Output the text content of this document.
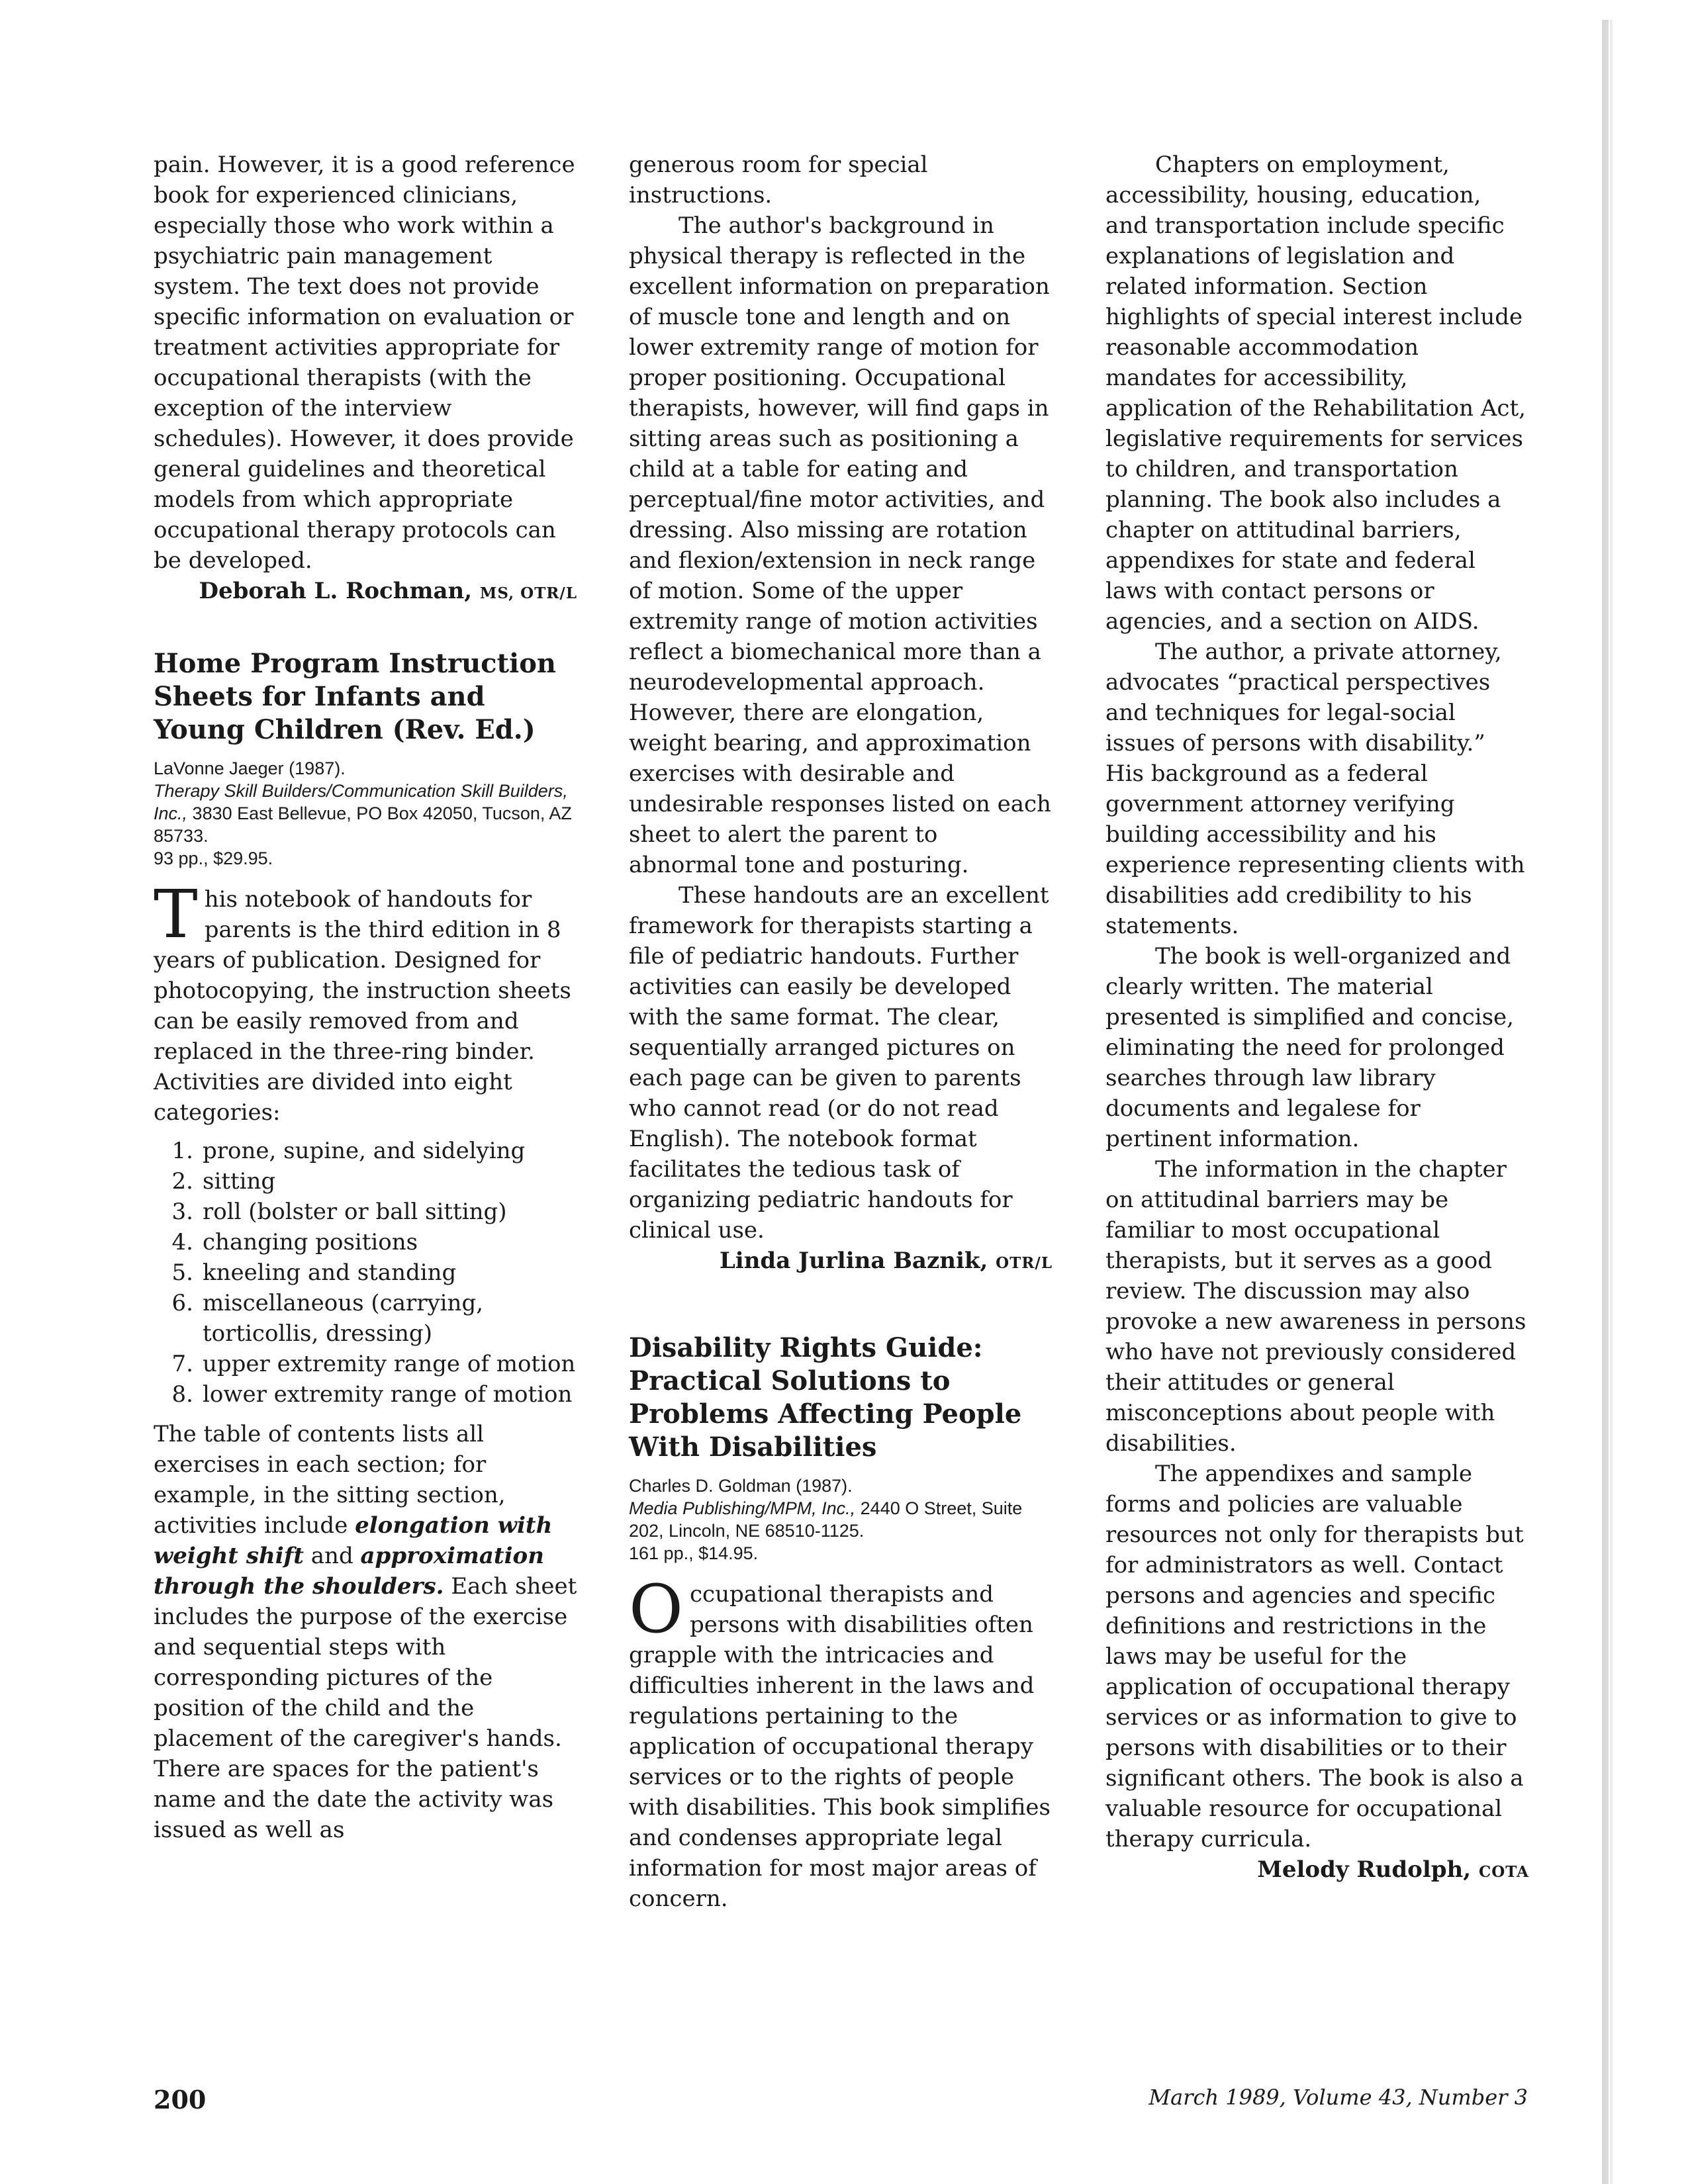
pain. However, it is a good reference book for experienced clinicians, especially those who work within a psychiatric pain management system. The text does not provide specific information on evaluation or treatment activities appropriate for occupational therapists (with the exception of the interview schedules). However, it does provide general guidelines and theoretical models from which appropriate occupational therapy protocols can be developed.

Deborah L. Rochman, MS, OTR/L

Home Program Instruction Sheets for Infants and Young Children (Rev. Ed.)
LaVonne Jaeger (1987).
Therapy Skill Builders/Communication Skill Builders, Inc., 3830 East Bellevue, PO Box 42050, Tucson, AZ 85733.
93 pp., $29.95.

This notebook of handouts for parents is the third edition in 8 years of publication. Designed for photocopying, the instruction sheets can be easily removed from and replaced in the three-ring binder. Activities are divided into eight categories:

1. prone, supine, and sidelying
2. sitting
3. roll (bolster or ball sitting)
4. changing positions
5. kneeling and standing
6. miscellaneous (carrying, torticollis, dressing)
7. upper extremity range of motion
8. lower extremity range of motion

The table of contents lists all exercises in each section; for example, in the sitting section, activities include elongation with weight shift and approximation through the shoulders. Each sheet includes the purpose of the exercise and sequential steps with corresponding pictures of the position of the child and the placement of the caregiver's hands. There are spaces for the patient's name and the date the activity was issued as well as

generous room for special instructions.

The author's background in physical therapy is reflected in the excellent information on preparation of muscle tone and length and on lower extremity range of motion for proper positioning. Occupational therapists, however, will find gaps in sitting areas such as positioning a child at a table for eating and perceptual/fine motor activities, and dressing. Also missing are rotation and flexion/extension in neck range of motion. Some of the upper extremity range of motion activities reflect a biomechanical more than a neurodevelopmental approach. However, there are elongation, weight bearing, and approximation exercises with desirable and undesirable responses listed on each sheet to alert the parent to abnormal tone and posturing.

These handouts are an excellent framework for therapists starting a file of pediatric handouts. Further activities can easily be developed with the same format. The clear, sequentially arranged pictures on each page can be given to parents who cannot read (or do not read English). The notebook format facilitates the tedious task of organizing pediatric handouts for clinical use.

Linda Jurlina Baznik, OTR/L

Disability Rights Guide: Practical Solutions to Problems Affecting People With Disabilities
Charles D. Goldman (1987).
Media Publishing/MPM, Inc., 2440 O Street, Suite 202, Lincoln, NE 68510-1125.
161 pp., $14.95.

Occupational therapists and persons with disabilities often grapple with the intricacies and difficulties inherent in the laws and regulations pertaining to the application of occupational therapy services or to the rights of people with disabilities. This book simplifies and condenses appropriate legal information for most major areas of concern.

Chapters on employment, accessibility, housing, education, and transportation include specific explanations of legislation and related information. Section highlights of special interest include reasonable accommodation mandates for accessibility, application of the Rehabilitation Act, legislative requirements for services to children, and transportation planning. The book also includes a chapter on attitudinal barriers, appendixes for state and federal laws with contact persons or agencies, and a section on AIDS.

The author, a private attorney, advocates “practical perspectives and techniques for legal-social issues of persons with disability.” His background as a federal government attorney verifying building accessibility and his experience representing clients with disabilities add credibility to his statements.

The book is well-organized and clearly written. The material presented is simplified and concise, eliminating the need for prolonged searches through law library documents and legalese for pertinent information.

The information in the chapter on attitudinal barriers may be familiar to most occupational therapists, but it serves as a good review. The discussion may also provoke a new awareness in persons who have not previously considered their attitudes or general misconceptions about people with disabilities.

The appendixes and sample forms and policies are valuable resources not only for therapists but for administrators as well. Contact persons and agencies and specific definitions and restrictions in the laws may be useful for the application of occupational therapy services or as information to give to persons with disabilities or to their significant others. The book is also a valuable resource for occupational therapy curricula.

Melody Rudolph, COTA

200	March 1989, Volume 43, Number 3
